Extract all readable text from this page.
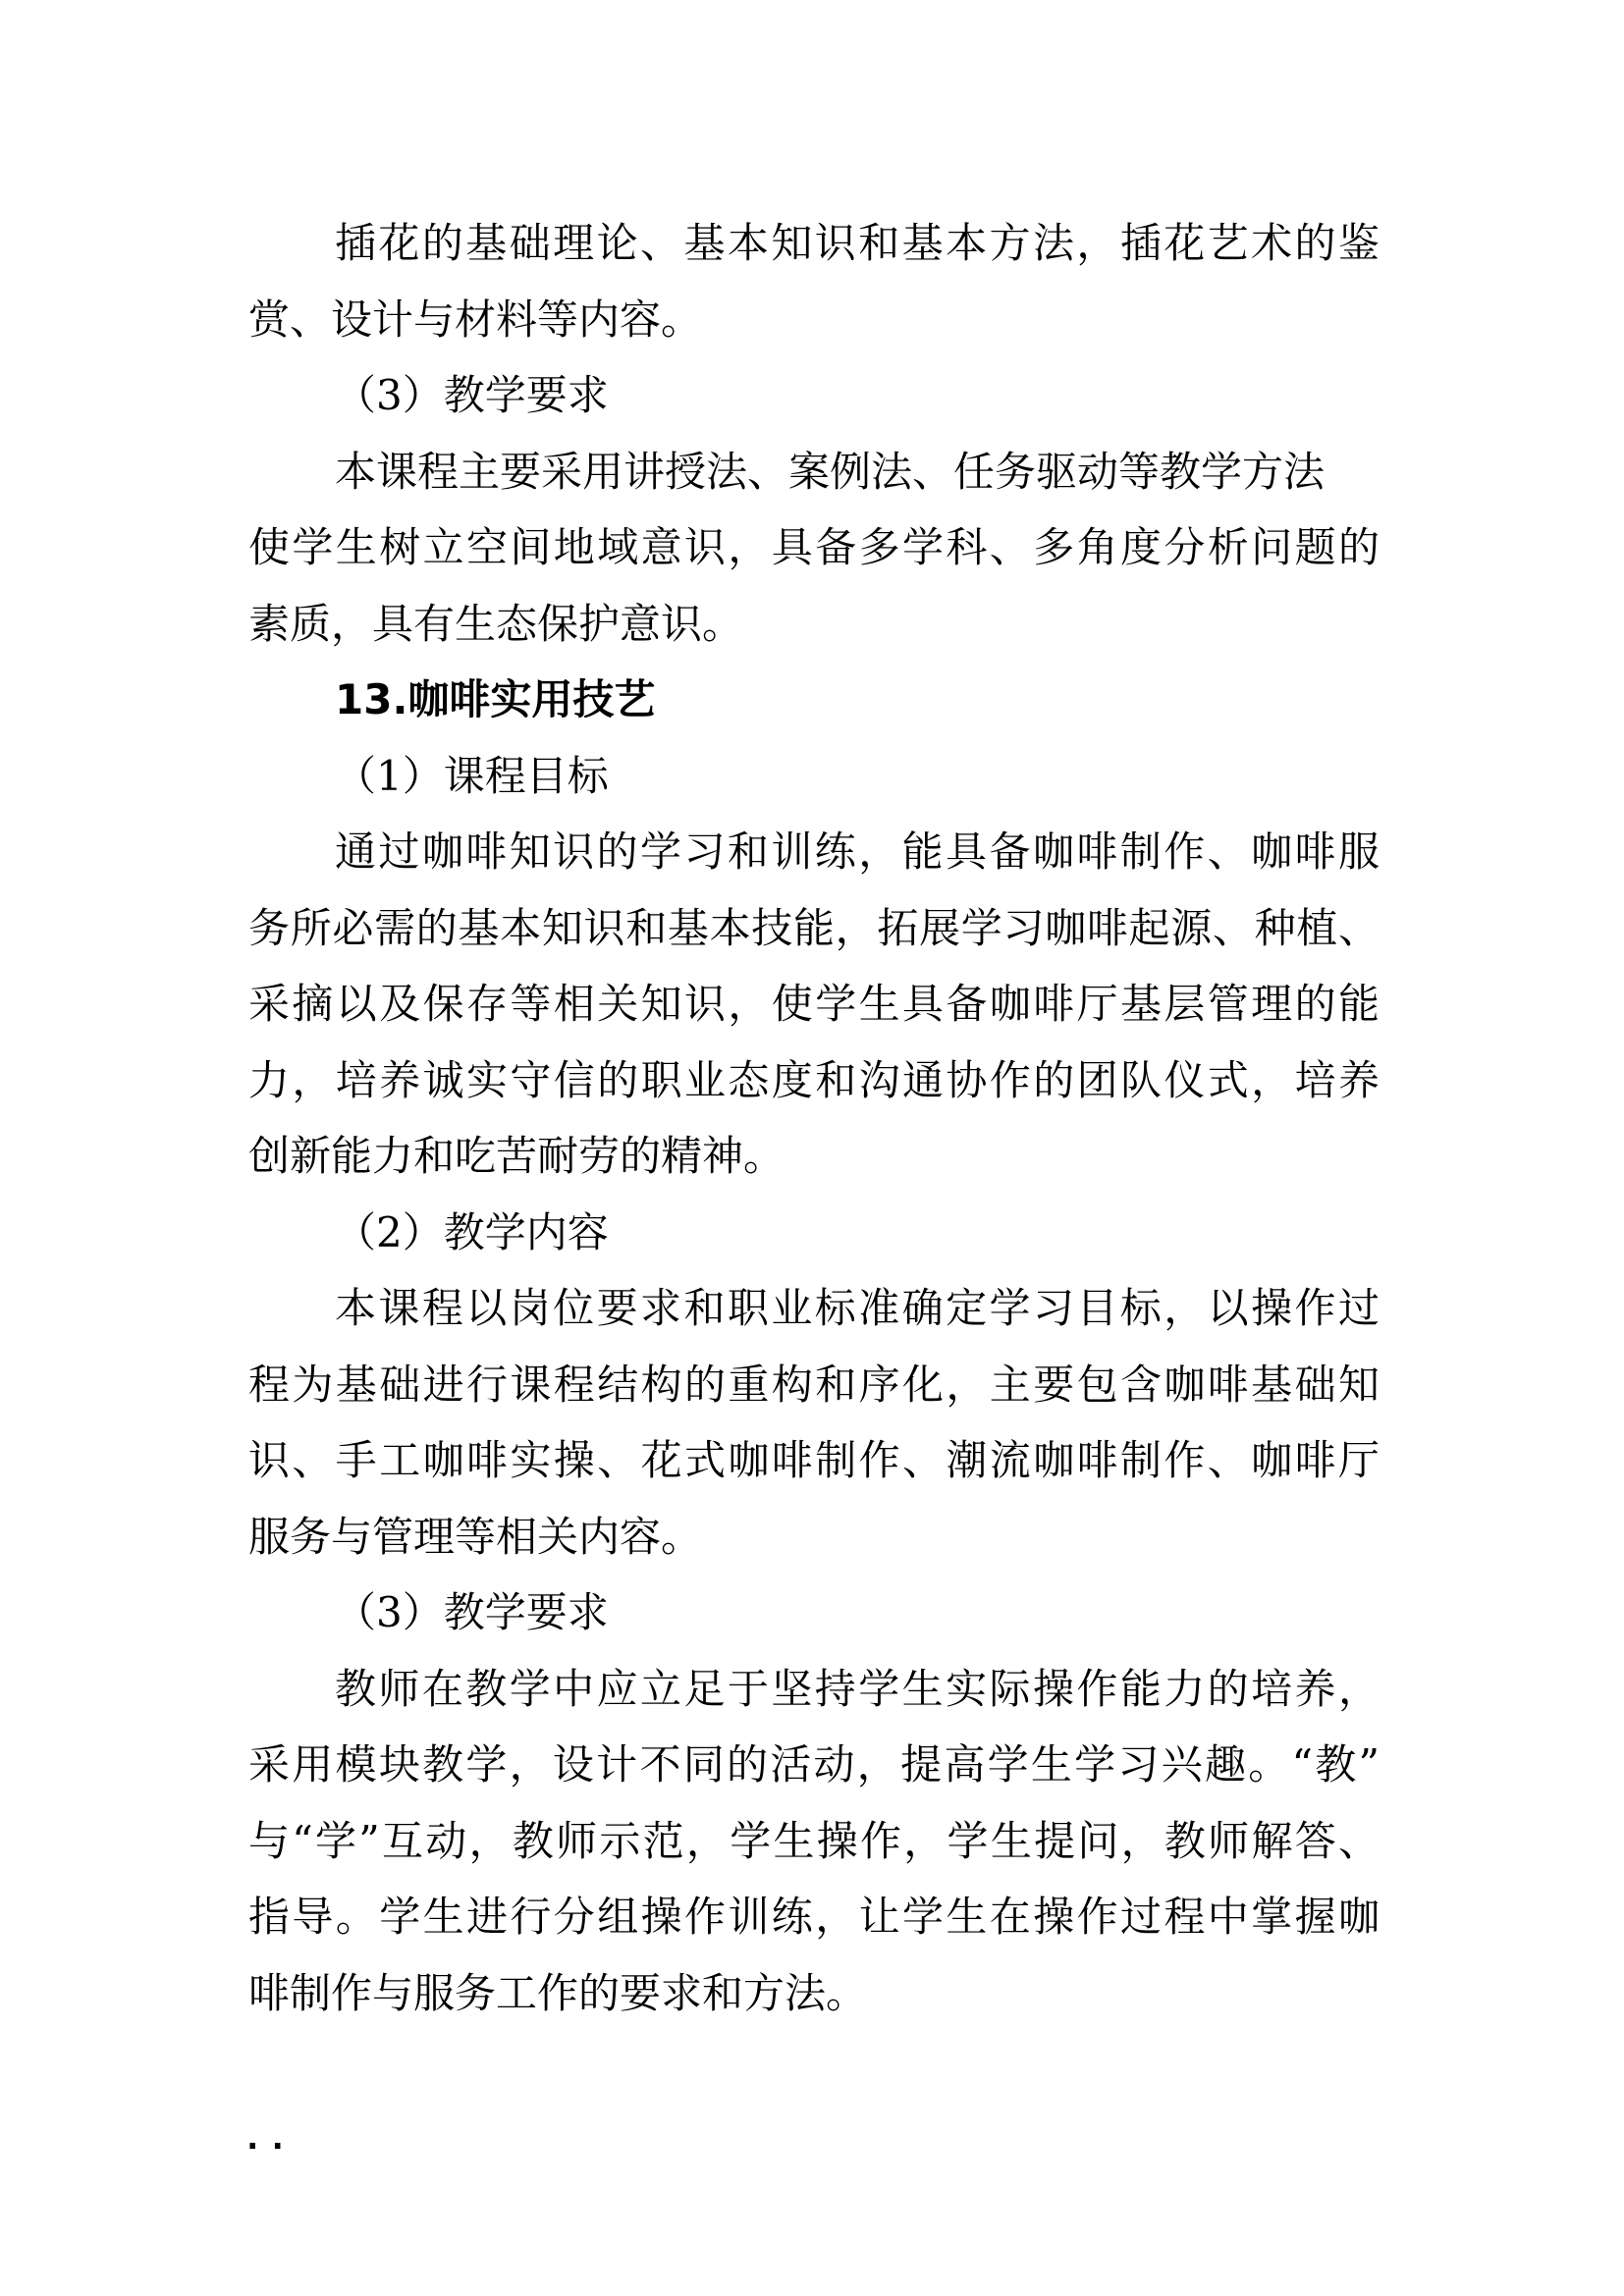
插花的基础理论、基本知识和基本方法，插花艺术的鉴
赏、设计与材料等内容。
（3）教学要求
本课程主要采用讲授法、案例法、任务驱动等教学方法
使学生树立空间地域意识，具备多学科、多角度分析问题的
素质，具有生态保护意识。
13.咖啡实用技艺
（1）课程目标
通过咖啡知识的学习和训练，能具备咖啡制作、咖啡服
务所必需的基本知识和基本技能，拓展学习咖啡起源、种植、
采摘以及保存等相关知识，使学生具备咖啡厅基层管理的能
力，培养诚实守信的职业态度和沟通协作的团队仪式，培养
创新能力和吃苦耐劳的精神。
（2）教学内容
本课程以岗位要求和职业标准确定学习目标，以操作过
程为基础进行课程结构的重构和序化，主要包含咖啡基础知
识、手工咖啡实操、花式咖啡制作、潮流咖啡制作、咖啡厅
服务与管理等相关内容。
（3）教学要求
教师在教学中应立足于坚持学生实际操作能力的培养，
采用模块教学，设计不同的活动，提高学生学习兴趣。“教”
与“学”互动，教师示范，学生操作，学生提问，教师解答、
指导。学生进行分组操作训练，让学生在操作过程中掌握咖
啡制作与服务工作的要求和方法。
..
